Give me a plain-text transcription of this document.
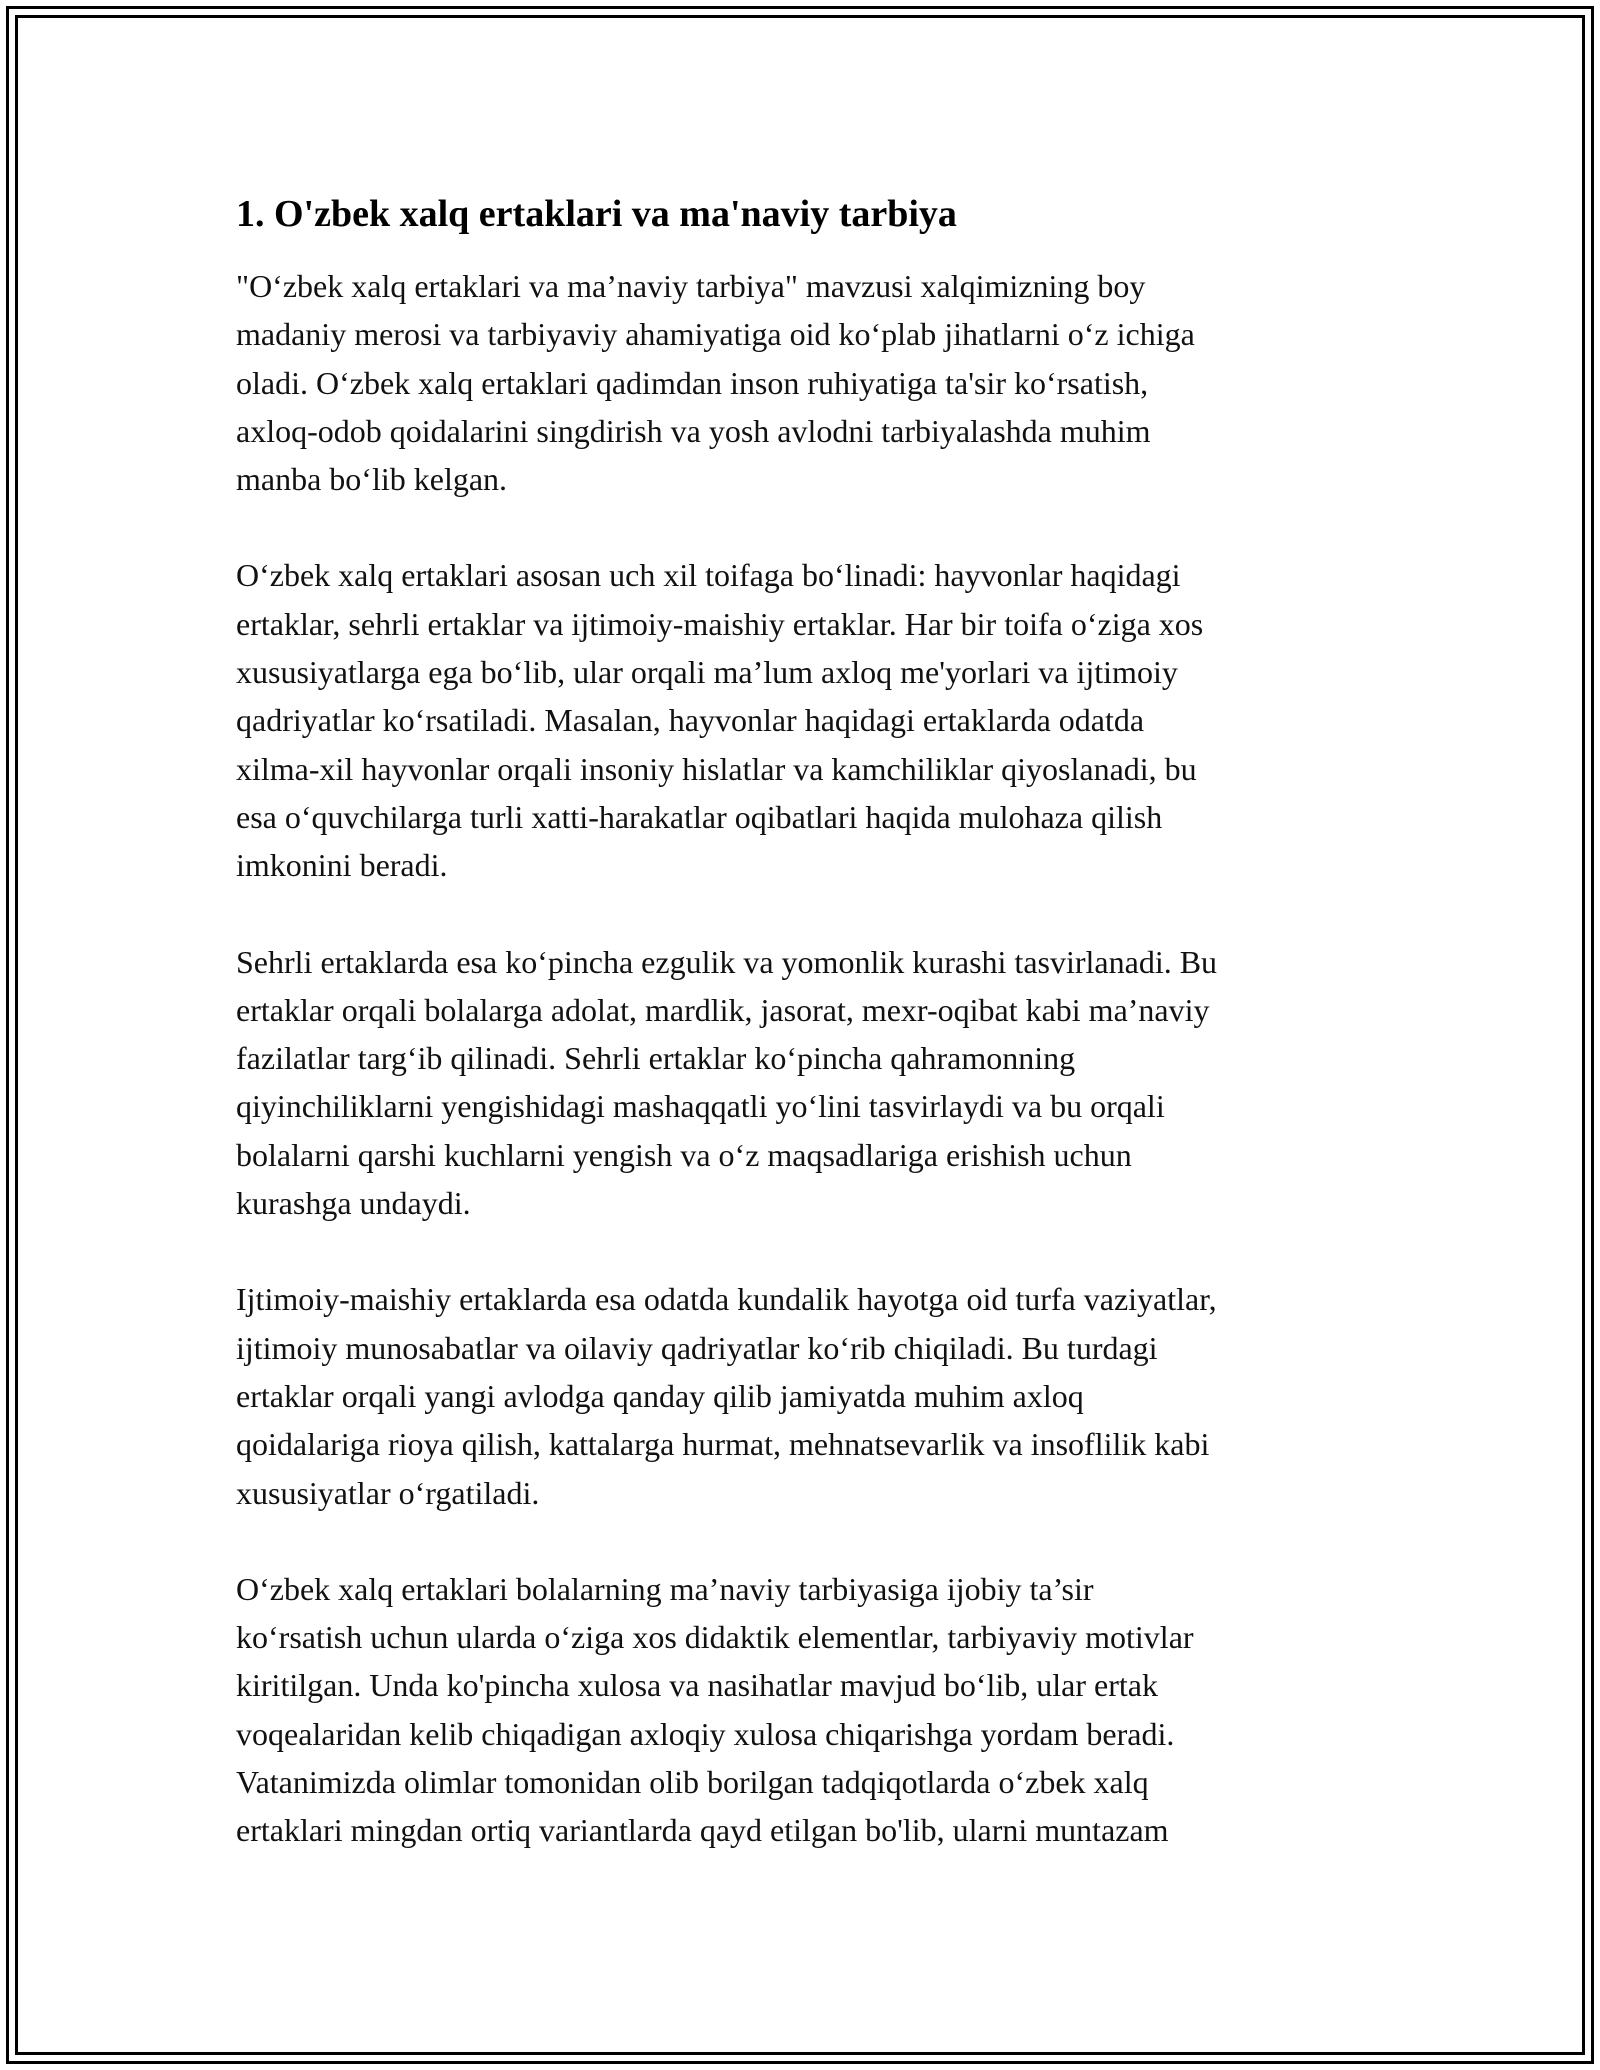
1. O'zbek xalq ertaklari va ma'naviy tarbiya

"O‘zbek xalq ertaklari va ma’naviy tarbiya" mavzusi xalqimizning boy
madaniy merosi va tarbiyaviy ahamiyatiga oid ko‘plab jihatlarni o‘z ichiga
oladi. O‘zbek xalq ertaklari qadimdan inson ruhiyatiga ta'sir ko‘rsatish,
axloq-odob qoidalarini singdirish va yosh avlodni tarbiyalashda muhim
manba bo‘lib kelgan.

O‘zbek xalq ertaklari asosan uch xil toifaga bo‘linadi: hayvonlar haqidagi
ertaklar, sehrli ertaklar va ijtimoiy-maishiy ertaklar. Har bir toifa o‘ziga xos
xususiyatlarga ega bo‘lib, ular orqali ma’lum axloq me'yorlari va ijtimoiy
qadriyatlar ko‘rsatiladi. Masalan, hayvonlar haqidagi ertaklarda odatda
xilma-xil hayvonlar orqali insoniy hislatlar va kamchiliklar qiyoslanadi, bu
esa o‘quvchilarga turli xatti-harakatlar oqibatlari haqida mulohaza qilish
imkonini beradi.

Sehrli ertaklarda esa ko‘pincha ezgulik va yomonlik kurashi tasvirlanadi. Bu
ertaklar orqali bolalarga adolat, mardlik, jasorat, mexr-oqibat kabi ma’naviy
fazilatlar targ‘ib qilinadi. Sehrli ertaklar ko‘pincha qahramonning
qiyinchiliklarni yengishidagi mashaqqatli yo‘lini tasvirlaydi va bu orqali
bolalarni qarshi kuchlarni yengish va o‘z maqsadlariga erishish uchun
kurashga undaydi.

Ijtimoiy-maishiy ertaklarda esa odatda kundalik hayotga oid turfa vaziyatlar,
ijtimoiy munosabatlar va oilaviy qadriyatlar ko‘rib chiqiladi. Bu turdagi
ertaklar orqali yangi avlodga qanday qilib jamiyatda muhim axloq
qoidalariga rioya qilish, kattalarga hurmat, mehnatsevarlik va insoflilik kabi
xususiyatlar o‘rgatiladi.

O‘zbek xalq ertaklari bolalarning ma’naviy tarbiyasiga ijobiy ta’sir
ko‘rsatish uchun ularda o‘ziga xos didaktik elementlar, tarbiyaviy motivlar
kiritilgan. Unda ko'pincha xulosa va nasihatlar mavjud bo‘lib, ular ertak
voqealaridan kelib chiqadigan axloqiy xulosa chiqarishga yordam beradi.
Vatanimizda olimlar tomonidan olib borilgan tadqiqotlarda o‘zbek xalq
ertaklari mingdan ortiq variantlarda qayd etilgan bo'lib, ularni muntazam
